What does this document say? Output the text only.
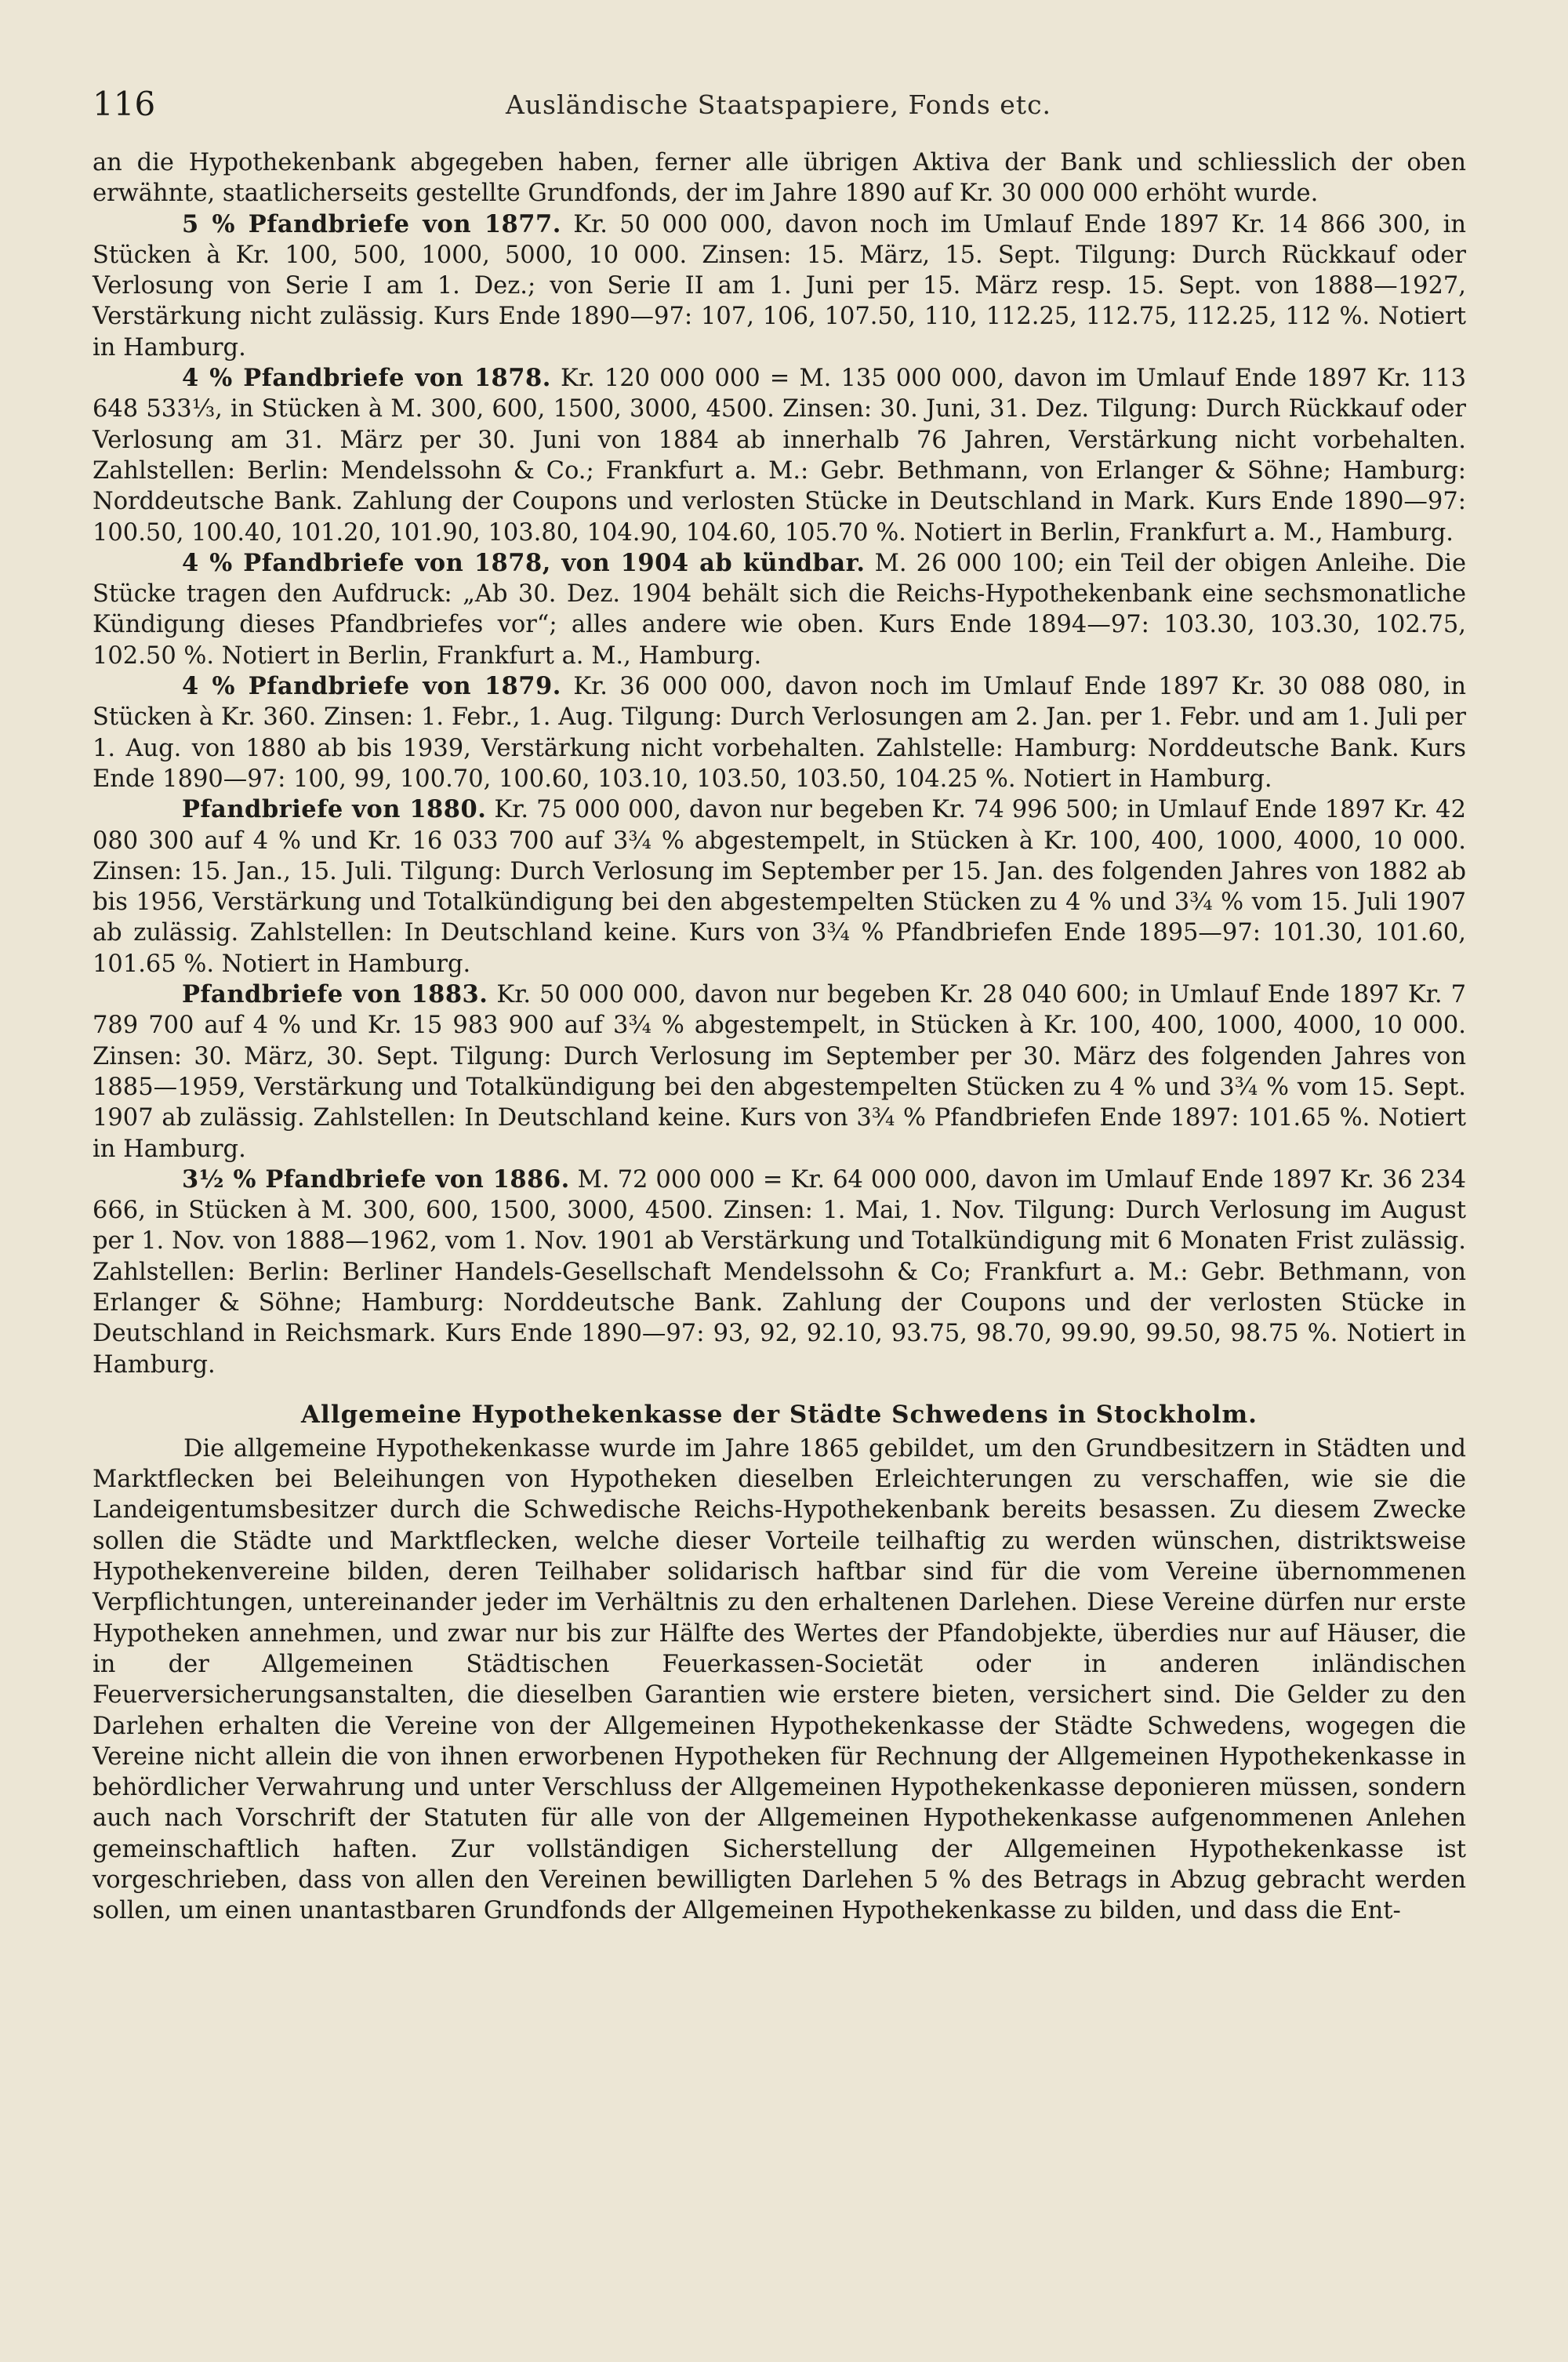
116	Ausländische Staatspapiere, Fonds etc.

an die Hypothekenbank abgegeben haben, ferner alle übrigen Aktiva der Bank und schliesslich der oben erwähnte, staatlicherseits gestellte Grundfonds, der im Jahre 1890 auf Kr. 30 000 000 erhöht wurde.

5 % Pfandbriefe von 1877. Kr. 50 000 000, davon noch im Umlauf Ende 1897 Kr. 14 866 300, in Stücken à Kr. 100, 500, 1000, 5000, 10 000. Zinsen: 15. März, 15. Sept. Tilgung: Durch Rückkauf oder Verlosung von Serie I am 1. Dez.; von Serie II am 1. Juni per 15. März resp. 15. Sept. von 1888—1927, Verstärkung nicht zulässig. Kurs Ende 1890—97: 107, 106, 107.50, 110, 112.25, 112.75, 112.25, 112 %. Notiert in Hamburg.

4 % Pfandbriefe von 1878. Kr. 120 000 000 = M. 135 000 000, davon im Umlauf Ende 1897 Kr. 113 648 533⅓, in Stücken à M. 300, 600, 1500, 3000, 4500. Zinsen: 30. Juni, 31. Dez. Tilgung: Durch Rückkauf oder Verlosung am 31. März per 30. Juni von 1884 ab innerhalb 76 Jahren, Verstärkung nicht vorbehalten. Zahlstellen: Berlin: Mendelssohn & Co.; Frankfurt a. M.: Gebr. Bethmann, von Erlanger & Söhne; Hamburg: Norddeutsche Bank. Zahlung der Coupons und verlosten Stücke in Deutschland in Mark. Kurs Ende 1890—97: 100.50, 100.40, 101.20, 101.90, 103.80, 104.90, 104.60, 105.70 %. Notiert in Berlin, Frankfurt a. M., Hamburg.

4 % Pfandbriefe von 1878, von 1904 ab kündbar. M. 26 000 100; ein Teil der obigen Anleihe. Die Stücke tragen den Aufdruck: „Ab 30. Dez. 1904 behält sich die Reichs-Hypothekenbank eine sechsmonatliche Kündigung dieses Pfandbriefes vor“; alles andere wie oben. Kurs Ende 1894—97: 103.30, 103.30, 102.75, 102.50 %. Notiert in Berlin, Frankfurt a. M., Hamburg.

4 % Pfandbriefe von 1879. Kr. 36 000 000, davon noch im Umlauf Ende 1897 Kr. 30 088 080, in Stücken à Kr. 360. Zinsen: 1. Febr., 1. Aug. Tilgung: Durch Verlosungen am 2. Jan. per 1. Febr. und am 1. Juli per 1. Aug. von 1880 ab bis 1939, Verstärkung nicht vorbehalten. Zahlstelle: Hamburg: Norddeutsche Bank. Kurs Ende 1890—97: 100, 99, 100.70, 100.60, 103.10, 103.50, 103.50, 104.25 %. Notiert in Hamburg.

Pfandbriefe von 1880. Kr. 75 000 000, davon nur begeben Kr. 74 996 500; in Umlauf Ende 1897 Kr. 42 080 300 auf 4 % und Kr. 16 033 700 auf 3¾ % abgestempelt, in Stücken à Kr. 100, 400, 1000, 4000, 10 000. Zinsen: 15. Jan., 15. Juli. Tilgung: Durch Verlosung im September per 15. Jan. des folgenden Jahres von 1882 ab bis 1956, Verstärkung und Totalkündigung bei den abgestempelten Stücken zu 4 % und 3¾ % vom 15. Juli 1907 ab zulässig. Zahlstellen: In Deutschland keine. Kurs von 3¾ % Pfandbriefen Ende 1895—97: 101.30, 101.60, 101.65 %. Notiert in Hamburg.

Pfandbriefe von 1883. Kr. 50 000 000, davon nur begeben Kr. 28 040 600; in Umlauf Ende 1897 Kr. 7 789 700 auf 4 % und Kr. 15 983 900 auf 3¾ % abgestempelt, in Stücken à Kr. 100, 400, 1000, 4000, 10 000. Zinsen: 30. März, 30. Sept. Tilgung: Durch Verlosung im September per 30. März des folgenden Jahres von 1885—1959, Verstärkung und Totalkündigung bei den abgestempelten Stücken zu 4 % und 3¾ % vom 15. Sept. 1907 ab zulässig. Zahlstellen: In Deutschland keine. Kurs von 3¾ % Pfandbriefen Ende 1897: 101.65 %. Notiert in Hamburg.

3½ % Pfandbriefe von 1886. M. 72 000 000 = Kr. 64 000 000, davon im Umlauf Ende 1897 Kr. 36 234 666, in Stücken à M. 300, 600, 1500, 3000, 4500. Zinsen: 1. Mai, 1. Nov. Tilgung: Durch Verlosung im August per 1. Nov. von 1888—1962, vom 1. Nov. 1901 ab Verstärkung und Totalkündigung mit 6 Monaten Frist zulässig. Zahlstellen: Berlin: Berliner Handels-Gesellschaft Mendelssohn & Co; Frankfurt a. M.: Gebr. Bethmann, von Erlanger & Söhne; Hamburg: Norddeutsche Bank. Zahlung der Coupons und der verlosten Stücke in Deutschland in Reichsmark. Kurs Ende 1890—97: 93, 92, 92.10, 93.75, 98.70, 99.90, 99.50, 98.75 %. Notiert in Hamburg.

Allgemeine Hypothekenkasse der Städte Schwedens in Stockholm.

Die allgemeine Hypothekenkasse wurde im Jahre 1865 gebildet, um den Grundbesitzern in Städten und Marktflecken bei Beleihungen von Hypotheken dieselben Erleichterungen zu verschaffen, wie sie die Landeigentumsbesitzer durch die Schwedische Reichs-Hypothekenbank bereits besassen. Zu diesem Zwecke sollen die Städte und Marktflecken, welche dieser Vorteile teilhaftig zu werden wünschen, distriktsweise Hypothekenvereine bilden, deren Teilhaber solidarisch haftbar sind für die vom Vereine übernommenen Verpflichtungen, untereinander jeder im Verhältnis zu den erhaltenen Darlehen. Diese Vereine dürfen nur erste Hypotheken annehmen, und zwar nur bis zur Hälfte des Wertes der Pfandobjekte, überdies nur auf Häuser, die in der Allgemeinen Städtischen Feuerkassen-Societät oder in anderen inländischen Feuerversicherungsanstalten, die dieselben Garantien wie erstere bieten, versichert sind. Die Gelder zu den Darlehen erhalten die Vereine von der Allgemeinen Hypothekenkasse der Städte Schwedens, wogegen die Vereine nicht allein die von ihnen erworbenen Hypotheken für Rechnung der Allgemeinen Hypothekenkasse in behördlicher Verwahrung und unter Verschluss der Allgemeinen Hypothekenkasse deponieren müssen, sondern auch nach Vorschrift der Statuten für alle von der Allgemeinen Hypothekenkasse aufgenommenen Anlehen gemeinschaftlich haften. Zur vollständigen Sicherstellung der Allgemeinen Hypothekenkasse ist vorgeschrieben, dass von allen den Vereinen bewilligten Darlehen 5 % des Betrags in Abzug gebracht werden sollen, um einen unantastbaren Grundfonds der Allgemeinen Hypothekenkasse zu bilden, und dass die Ent-
